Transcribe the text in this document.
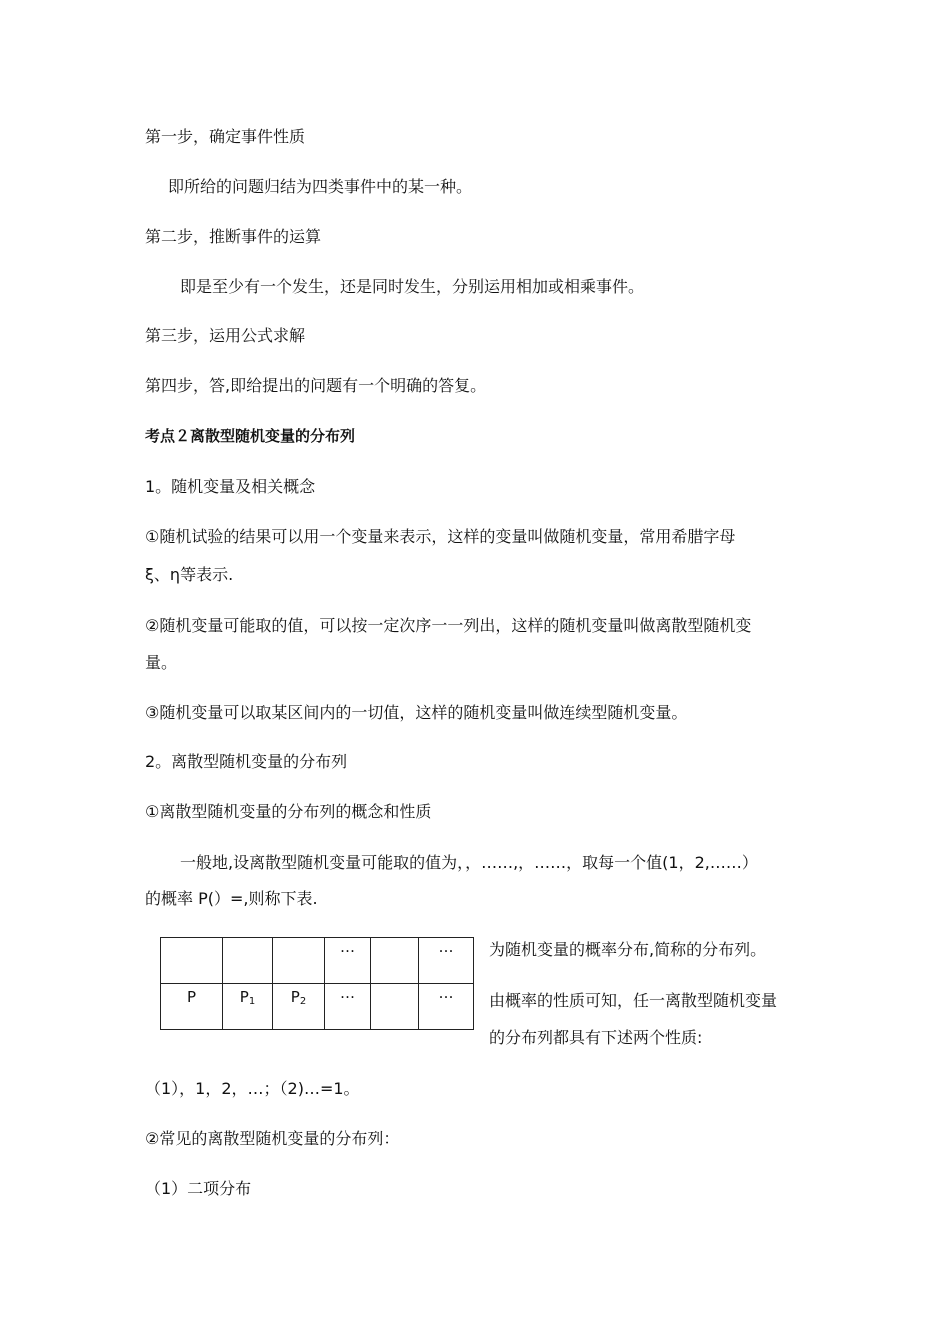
第一步，确定事件性质
即所给的问题归结为四类事件中的某一种。
第二步，推断事件的运算
即是至少有一个发生，还是同时发生，分别运用相加或相乘事件。
第三步，运用公式求解
第四步，答,即给提出的问题有一个明确的答复。
考点２离散型随机变量的分布列
1。随机变量及相关概念
①随机试验的结果可以用一个变量来表示，这样的变量叫做随机变量，常用希腊字母
ξ、η等表示.
②随机变量可能取的值，可以按一定次序一一列出，这样的随机变量叫做离散型随机变
量。
③随机变量可以取某区间内的一切值，这样的随机变量叫做连续型随机变量。
2。离散型随机变量的分布列
①离散型随机变量的分布列的概念和性质
一般地,设离散型随机变量可能取的值为，，……,，……，取每一个值(1，2,……）
的概率 P(）=,则称下表.

			…		…

P	$P_1$	$P_2$	…		…
为随机变量的概率分布,简称的分布列。
由概率的性质可知，任一离散型随机变量
的分布列都具有下述两个性质:
（1），1，2，…；（2)…=1。
②常见的离散型随机变量的分布列：
（1）二项分布
